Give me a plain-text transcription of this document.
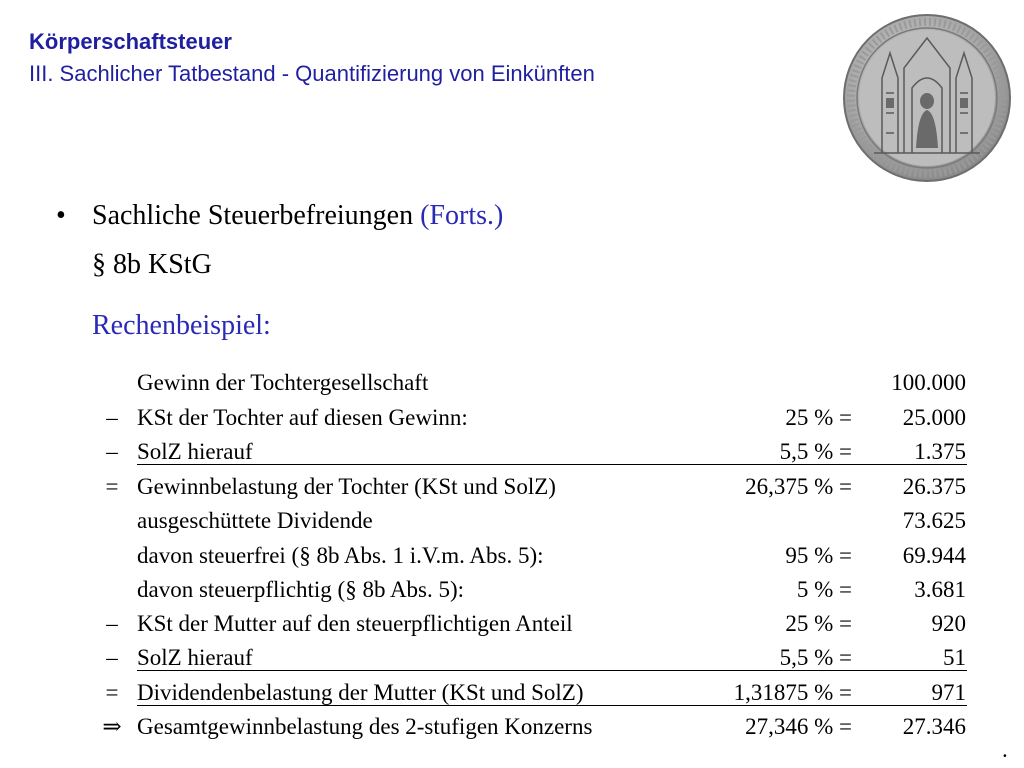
Körperschaftsteuer
III. Sachlicher Tatbestand - Quantifizierung von Einkünften
• Sachliche Steuerbefreiungen (Forts.)
§ 8b KStG
Rechenbeispiel:
Gewinn der Tochtergesellschaft	100.000
– KSt der Tochter auf diesen Gewinn:	25 % = 25.000
– SolZ hierauf	5,5 % =	1.375
= Gewinnbelastung der Tochter (KSt und SolZ)	26,375 % = 26.375
ausgeschüttete Dividende	73.625
davon steuerfrei (§ 8b Abs. 1 i.V.m. Abs. 5):	95 % = 69.944
davon steuerpflichtig (§ 8b Abs. 5):	5 % =	3.681
– KSt der Mutter auf den steuerpflichtigen Anteil	25 % =	920
– SolZ hierauf	5,5 % =	51
= Dividendenbelastung der Mutter (KSt und SolZ)	1,31875 % =	971
⇒ Gesamtgewinnbelastung des 2-stufigen Konzerns	27,346 % = 27.346
.
